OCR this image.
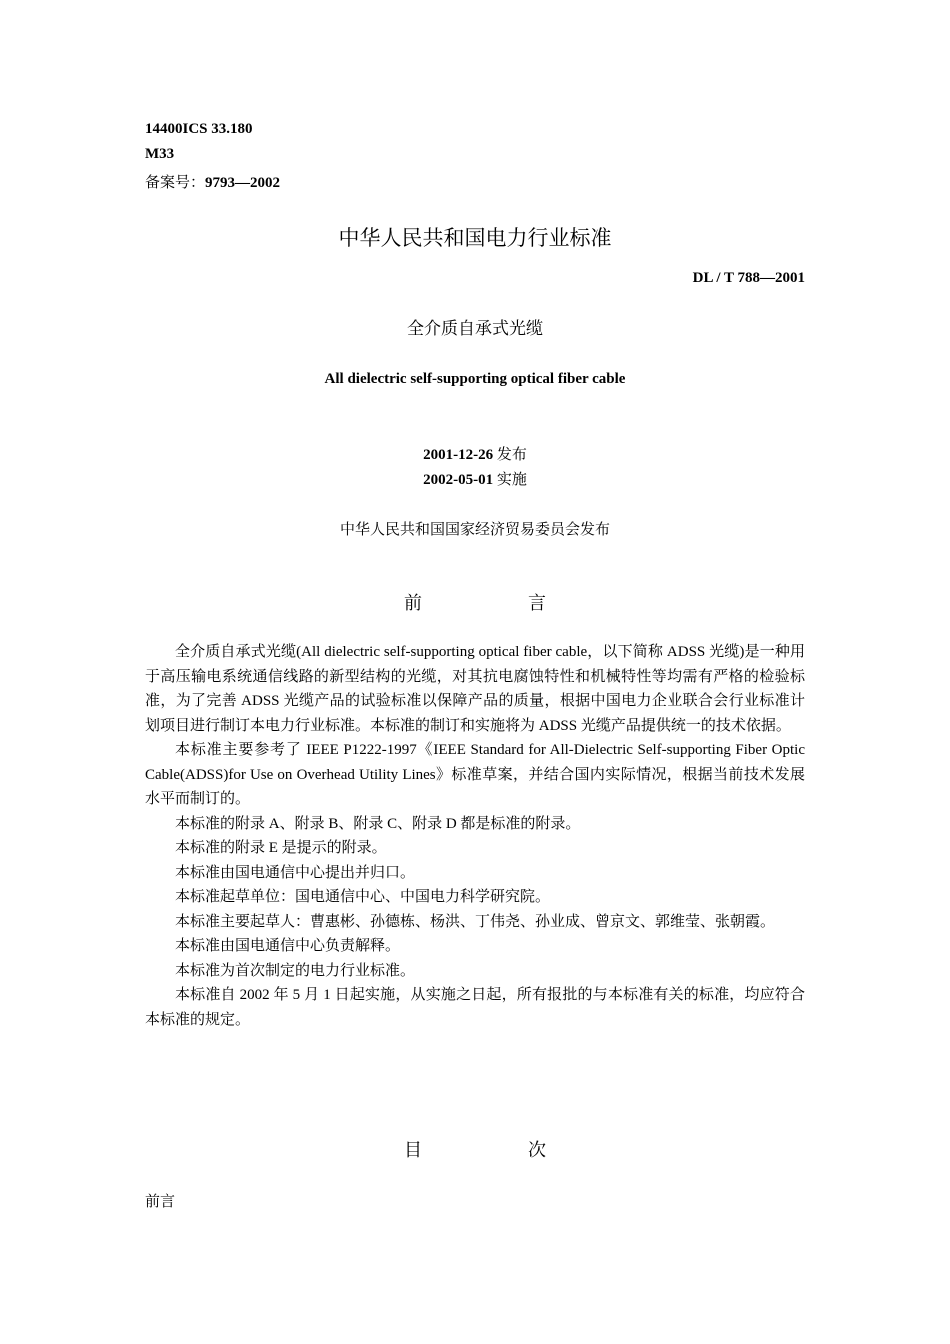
14400ICS 33.180
M33
备案号：9793—2002
中华人民共和国电力行业标准
DL / T 788—2001
全介质自承式光缆
All dielectric self-supporting optical fiber cable
2001-12-26 发布
2002-05-01 实施
中华人民共和国国家经济贸易委员会发布
前	言

全介质自承式光缆(All dielectric self-supporting optical fiber cable，以下简称 ADSS 光缆)是一种用于高压输电系统通信线路的新型结构的光缆，对其抗电腐蚀特性和机械特性等均需有严格的检验标准，为了完善 ADSS 光缆产品的试验标准以保障产品的质量，根据中国电力企业联合会行业标准计划项目进行制订本电力行业标准。本标准的制订和实施将为 ADSS 光缆产品提供统一的技术依据。

本标准主要参考了 IEEE P1222-1997《IEEE Standard for All-Dielectric Self-supporting Fiber Optic Cable(ADSS)for Use on Overhead Utility Lines》标准草案，并结合国内实际情况，根据当前技术发展水平而制订的。

本标准的附录 A、附录 B、附录 C、附录 D 都是标准的附录。

本标准的附录 E 是提示的附录。

本标准由国电通信中心提出并归口。

本标准起草单位：国电通信中心、中国电力科学研究院。

本标准主要起草人：曹惠彬、孙德栋、杨洪、丁伟尧、孙业成、曾京文、郭维莹、张朝霞。

本标准由国电通信中心负责解释。

本标准为首次制定的电力行业标准。

本标准自 2002 年 5 月 1 日起实施，从实施之日起，所有报批的与本标准有关的标准，均应符合本标准的规定。

目	次
前言
